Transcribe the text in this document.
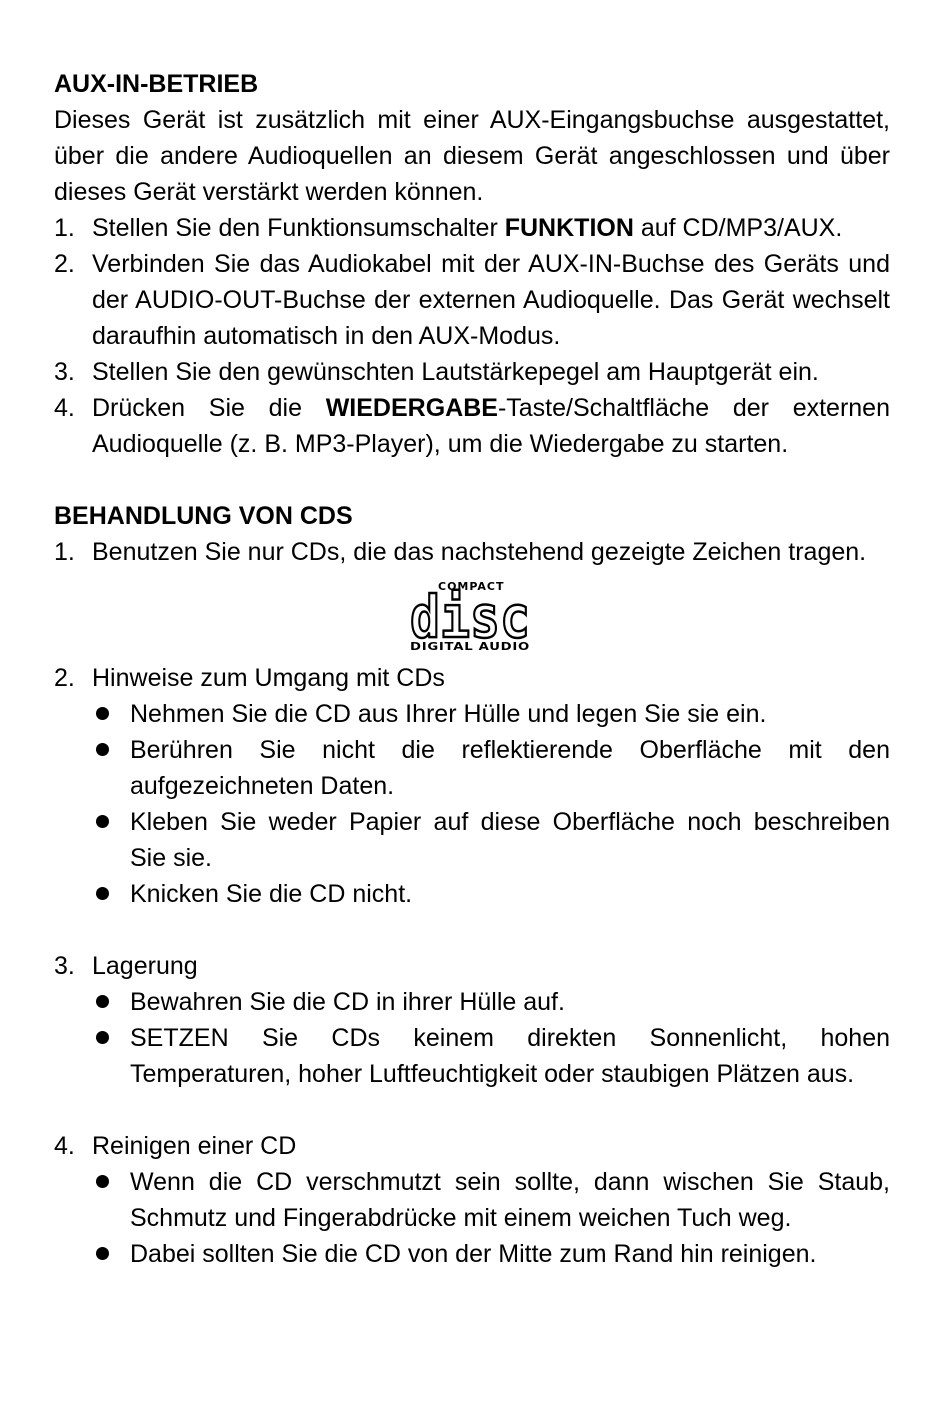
AUX-IN-BETRIEB

Dieses Gerät ist zusätzlich mit einer AUX-Eingangsbuchse ausgestattet, über die andere Audioquellen an diesem Gerät angeschlossen und über dieses Gerät verstärkt werden können.

1. Stellen Sie den Funktionsumschalter FUNKTION auf CD/MP3/AUX.
2. Verbinden Sie das Audiokabel mit der AUX-IN-Buchse des Geräts und der AUDIO-OUT-Buchse der externen Audioquelle. Das Gerät wechselt daraufhin automatisch in den AUX-Modus.
3. Stellen Sie den gewünschten Lautstärkepegel am Hauptgerät ein.
4. Drücken Sie die WIEDERGABE-Taste/Schaltfläche der externen Audioquelle (z. B. MP3-Player), um die Wiedergabe zu starten.
BEHANDLUNG VON CDS
1. Benutzen Sie nur CDs, die das nachstehend gezeigte Zeichen tragen.
COMPACT
disc
DIGITAL AUDIO
2. Hinweise zum Umgang mit CDs
Nehmen Sie die CD aus Ihrer Hülle und legen Sie sie ein.
Berühren Sie nicht die reflektierende Oberfläche mit den aufgezeichneten Daten.
Kleben Sie weder Papier auf diese Oberfläche noch beschreiben Sie sie.
Knicken Sie die CD nicht.
3. Lagerung
Bewahren Sie die CD in ihrer Hülle auf.
SETZEN Sie CDs keinem direkten Sonnenlicht, hohen Temperaturen, hoher Luftfeuchtigkeit oder staubigen Plätzen aus.
4. Reinigen einer CD
Wenn die CD verschmutzt sein sollte, dann wischen Sie Staub, Schmutz und Fingerabdrücke mit einem weichen Tuch weg.
Dabei sollten Sie die CD von der Mitte zum Rand hin reinigen.
